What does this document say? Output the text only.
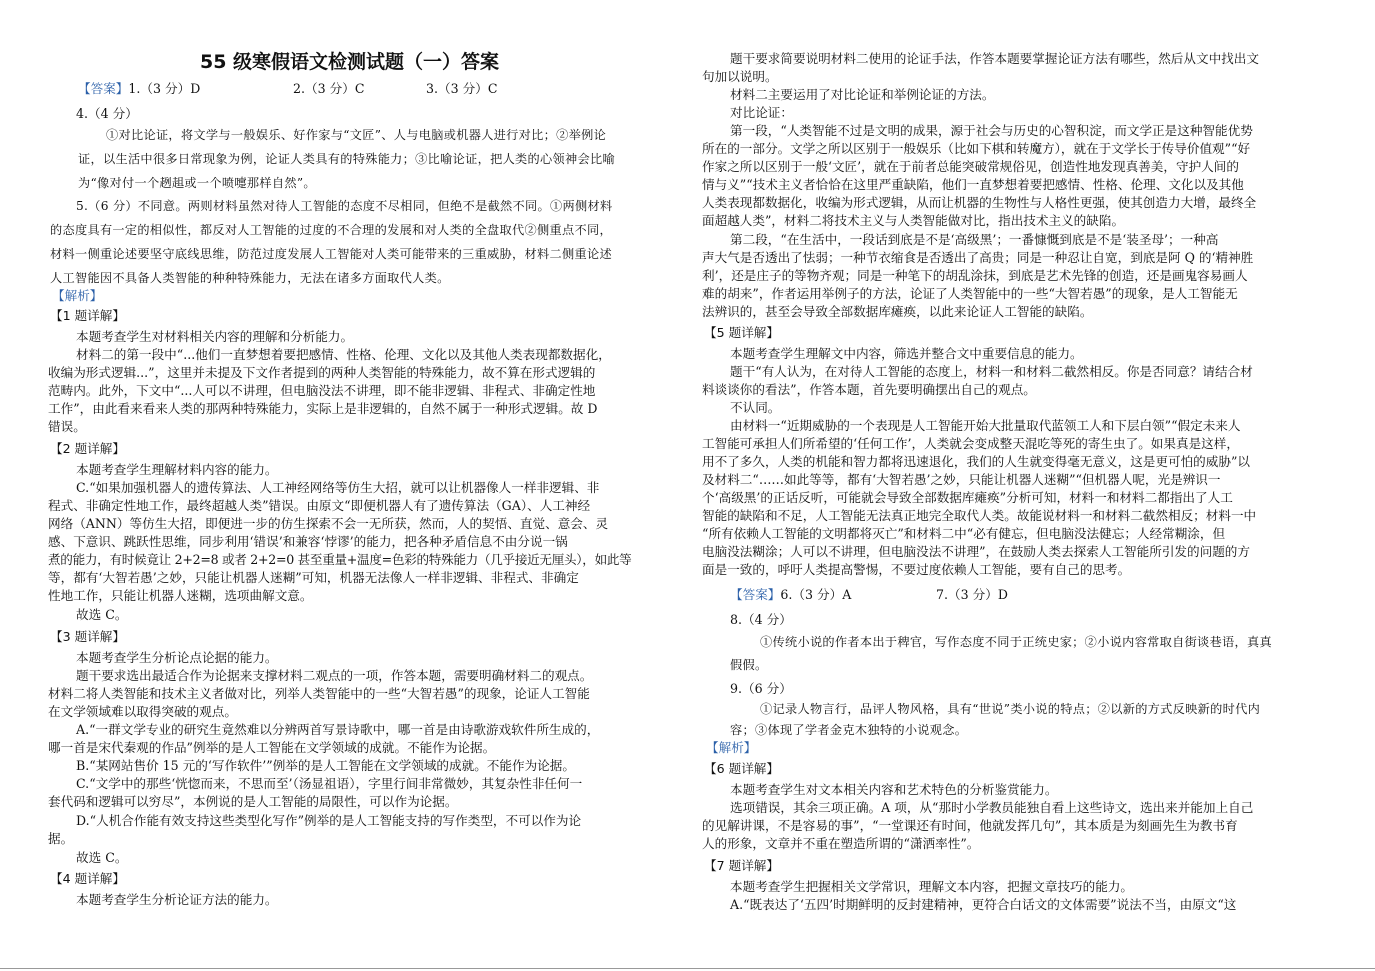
55 级寒假语文检测试题（一）答案
【答案】1.（3 分）D	2.（3 分）C	3.（3 分）C
4.（4 分）
①对比论证，将文学与一般娱乐、好作家与“文匠”、人与电脑或机器人进行对比；②举例论
证，以生活中很多日常现象为例，论证人类具有的特殊能力；③比喻论证，把人类的心领神会比喻
为“像对付一个趔趄或一个喷嚏那样自然”。
5.（6 分）不同意。两则材料虽然对待人工智能的态度不尽相同，但绝不是截然不同。①两侧材料
的态度具有一定的相似性，都反对人工智能的过度的不合理的发展和对人类的全盘取代②侧重点不同，
材料一侧重论述要坚守底线思维，防范过度发展人工智能对人类可能带来的三重威胁，材料二侧重论述
人工智能因不具备人类智能的种种特殊能力，无法在诸多方面取代人类。
【解析】
【1 题详解】
本题考查学生对材料相关内容的理解和分析能力。
材料二的第一段中“...他们一直梦想着要把感情、性格、伦理、文化以及其他人类表现都数据化，
收编为形式逻辑...”，这里并未提及下文作者提到的两种人类智能的特殊能力，故不算在形式逻辑的
范畴内。此外，下文中“...人可以不讲理，但电脑没法不讲理，即不能非逻辑、非程式、非确定性地
工作”，由此看来看来人类的那两种特殊能力，实际上是非逻辑的，自然不属于一种形式逻辑。故 D
错误。
【2 题详解】
本题考查学生理解材料内容的能力。
C.“如果加强机器人的遗传算法、人工神经网络等仿生大招，就可以让机器像人一样非逻辑、非
程式、非确定性地工作，最终超越人类”错误。由原文“即便机器人有了遗传算法（GA）、人工神经
网络（ANN）等仿生大招，即便进一步的仿生探索不会一无所获，然而，人的契悟、直觉、意会、灵
感、下意识、跳跃性思维，同步利用‘错误’和兼容‘悖谬’的能力，把各种矛盾信息不由分说一锅
煮的能力，有时候竟让 2+2=8 或者 2+2=0 甚至重量+温度=色彩的特殊能力（几乎接近无厘头），如此等
等，都有‘大智若愚’之妙，只能让机器人迷糊”可知，机器无法像人一样非逻辑、非程式、非确定
性地工作，只能让机器人迷糊，选项曲解文意。
故选 C。
【3 题详解】
本题考查学生分析论点论据的能力。
题干要求选出最适合作为论据来支撑材料二观点的一项，作答本题，需要明确材料二的观点。
材料二将人类智能和技术主义者做对比，列举人类智能中的一些“大智若愚”的现象，论证人工智能
在文学领域难以取得突破的观点。
A.“一群文学专业的研究生竟然难以分辨两首写景诗歌中，哪一首是由诗歌游戏软件所生成的，
哪一首是宋代秦观的作品”例举的是人工智能在文学领域的成就。不能作为论据。
B.“某网站售价 15 元的‘写作软件’”例举的是人工智能在文学领域的成就。不能作为论据。
C.“文学中的那些‘恍惚而来，不思而至’（汤显祖语），字里行间非常微妙，其复杂性非任何一
套代码和逻辑可以穷尽”，本例说的是人工智能的局限性，可以作为论据。
D.“人机合作能有效支持这些类型化写作”例举的是人工智能支持的写作类型，不可以作为论
据。
故选 C。
【4 题详解】
本题考查学生分析论证方法的能力。
题干要求简要说明材料二使用的论证手法，作答本题要掌握论证方法有哪些，然后从文中找出文
句加以说明。
材料二主要运用了对比论证和举例论证的方法。
对比论证：
第一段，“人类智能不过是文明的成果，源于社会与历史的心智积淀，而文学正是这种智能优势
所在的一部分。文学之所以区别于一般娱乐（比如下棋和转魔方），就在于文学长于传导价值观”“好
作家之所以区别于一般‘文匠’，就在于前者总能突破常规俗见，创造性地发现真善美，守护人间的
情与义”“技术主义者恰恰在这里严重缺陷，他们一直梦想着要把感情、性格、伦理、文化以及其他
人类表现都数据化，收编为形式逻辑，从而让机器的生物性与人格性更强，使其创造力大增，最终全
面超越人类”，材料二将技术主义与人类智能做对比，指出技术主义的缺陷。
第二段，“在生活中，一段话到底是不是‘高级黑’；一番慷慨到底是不是‘装圣母’；一种高
声大气是否透出了怯弱；一种节衣缩食是否透出了高贵；同是一种忍让自宽，到底是阿 Q 的‘精神胜
利’，还是庄子的等物齐观；同是一种笔下的胡乱涂抹，到底是艺术先锋的创造，还是画鬼容易画人
难的胡来”，作者运用举例子的方法，论证了人类智能中的一些“大智若愚”的现象，是人工智能无
法辨识的，甚至会导致全部数据库瘫痪，以此来论证人工智能的缺陷。
【5 题详解】
本题考查学生理解文中内容，筛选并整合文中重要信息的能力。
题干“有人认为，在对待人工智能的态度上，材料一和材料二截然相反。你是否同意？请结合材
料谈谈你的看法”，作答本题，首先要明确摆出自己的观点。
不认同。
由材料一“近期威胁的一个表现是人工智能开始大批量取代蓝领工人和下层白领”“假定未来人
工智能可承担人们所希望的‘任何工作’，人类就会变成整天混吃等死的寄生虫了。如果真是这样，
用不了多久，人类的机能和智力都将迅速退化，我们的人生就变得毫无意义，这是更可怕的威胁”以
及材料二“……如此等等，都有‘大智若愚’之妙，只能让机器人迷糊”“但机器人呢，光是辨识一
个‘高级黑’的正话反听，可能就会导致全部数据库瘫痪”分析可知，材料一和材料二都指出了人工
智能的缺陷和不足，人工智能无法真正地完全取代人类。故能说材料一和材料二截然相反；材料一中
“所有依赖人工智能的文明都将灭亡”和材料二中“必有健忘，但电脑没法健忘；人经常糊涂，但
电脑没法糊涂；人可以不讲理，但电脑没法不讲理”，在鼓励人类去探索人工智能所引发的问题的方
面是一致的，呼吁人类提高警惕，不要过度依赖人工智能，要有自己的思考。
【答案】6.（3 分）A	7.（3 分）D
8.（4 分）
①传统小说的作者本出于稗官，写作态度不同于正统史家；②小说内容常取自街谈巷语，真真
假假。
9.（6 分）
①记录人物言行，品评人物风格，具有“世说”类小说的特点；②以新的方式反映新的时代内
容；③体现了学者金克木独特的小说观念。
【解析】
【6 题详解】
本题考查学生对文本相关内容和艺术特色的分析鉴赏能力。
选项错误，其余三项正确。A 项，从“那时小学教员能独自看上这些诗文，选出来并能加上自己
的见解讲课，不是容易的事”，“一堂课还有时间，他就发挥几句”，其本质是为刻画先生为教书育
人的形象，文章并不重在塑造所谓的“潇洒率性”。
【7 题详解】
本题考查学生把握相关文学常识，理解文本内容，把握文章技巧的能力。
A.“既表达了‘五四’时期鲜明的反封建精神，更符合白话文的文体需要”说法不当，由原文“这
